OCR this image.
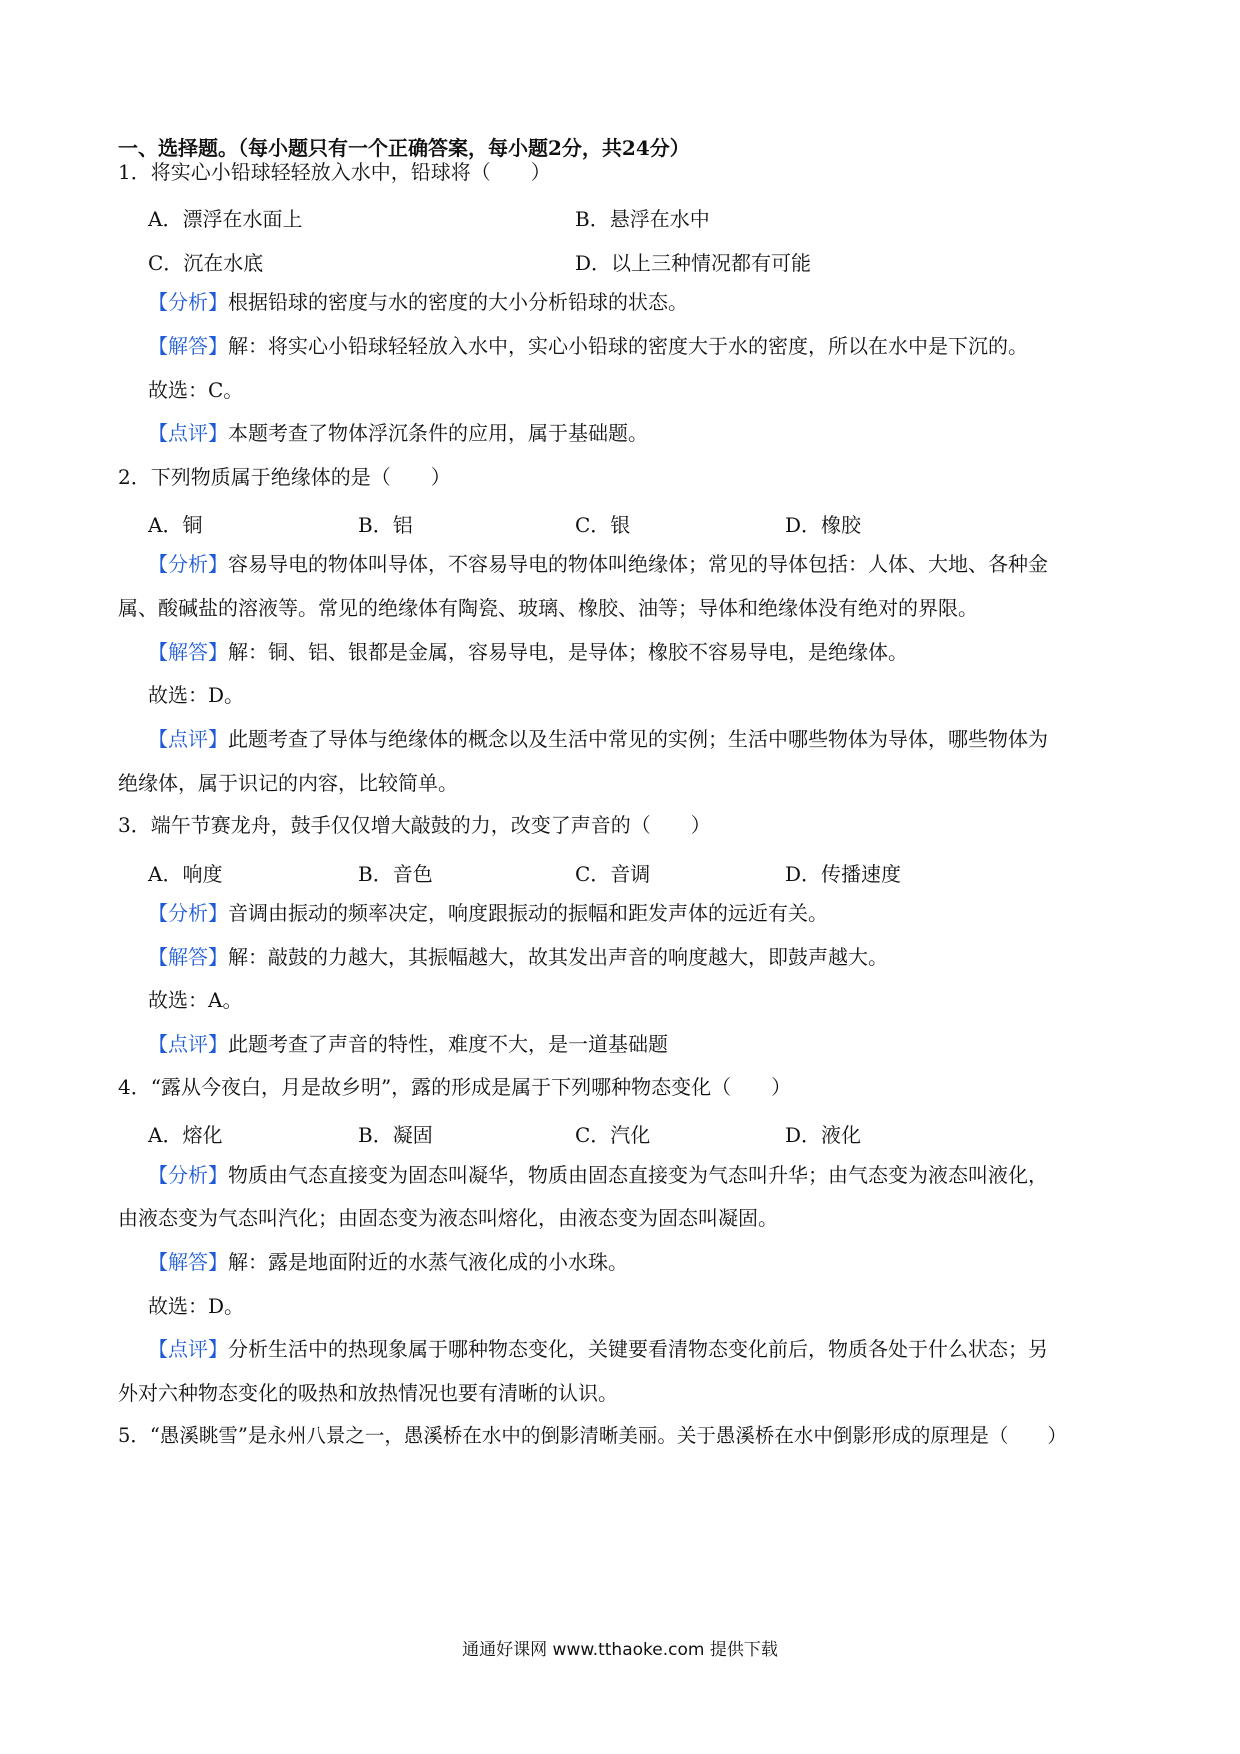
一、选择题。（每小题只有一个正确答案，每小题2分，共24分）
1．将实心小铅球轻轻放入水中，铅球将（　　）
A．漂浮在水面上	B．悬浮在水中
C．沉在水底	D．以上三种情况都有可能
【分析】根据铅球的密度与水的密度的大小分析铅球的状态。
【解答】解：将实心小铅球轻轻放入水中，实心小铅球的密度大于水的密度，所以在水中是下沉的。
故选：C。
【点评】本题考查了物体浮沉条件的应用，属于基础题。
2．下列物质属于绝缘体的是（　　）
A．铜	B．铝	C．银	D．橡胶
【分析】容易导电的物体叫导体，不容易导电的物体叫绝缘体；常见的导体包括：人体、大地、各种金
属、酸碱盐的溶液等。常见的绝缘体有陶瓷、玻璃、橡胶、油等；导体和绝缘体没有绝对的界限。
【解答】解：铜、铝、银都是金属，容易导电，是导体；橡胶不容易导电，是绝缘体。
故选：D。
【点评】此题考查了导体与绝缘体的概念以及生活中常见的实例；生活中哪些物体为导体，哪些物体为
绝缘体，属于识记的内容，比较简单。
3．端午节赛龙舟，鼓手仅仅增大敲鼓的力，改变了声音的（　　）
A．响度	B．音色	C．音调	D．传播速度
【分析】音调由振动的频率决定，响度跟振动的振幅和距发声体的远近有关。
【解答】解：敲鼓的力越大，其振幅越大，故其发出声音的响度越大，即鼓声越大。
故选：A。
【点评】此题考查了声音的特性，难度不大，是一道基础题
4．“露从今夜白，月是故乡明”，露的形成是属于下列哪种物态变化（　　）
A．熔化	B．凝固	C．汽化	D．液化
【分析】物质由气态直接变为固态叫凝华，物质由固态直接变为气态叫升华；由气态变为液态叫液化，
由液态变为气态叫汽化；由固态变为液态叫熔化，由液态变为固态叫凝固。
【解答】解：露是地面附近的水蒸气液化成的小水珠。
故选：D。
【点评】分析生活中的热现象属于哪种物态变化，关键要看清物态变化前后，物质各处于什么状态；另
外对六种物态变化的吸热和放热情况也要有清晰的认识。
5．“愚溪眺雪”是永州八景之一，愚溪桥在水中的倒影清晰美丽。关于愚溪桥在水中倒影形成的原理是（　　）
通通好课网 www.tthaoke.com 提供下载
